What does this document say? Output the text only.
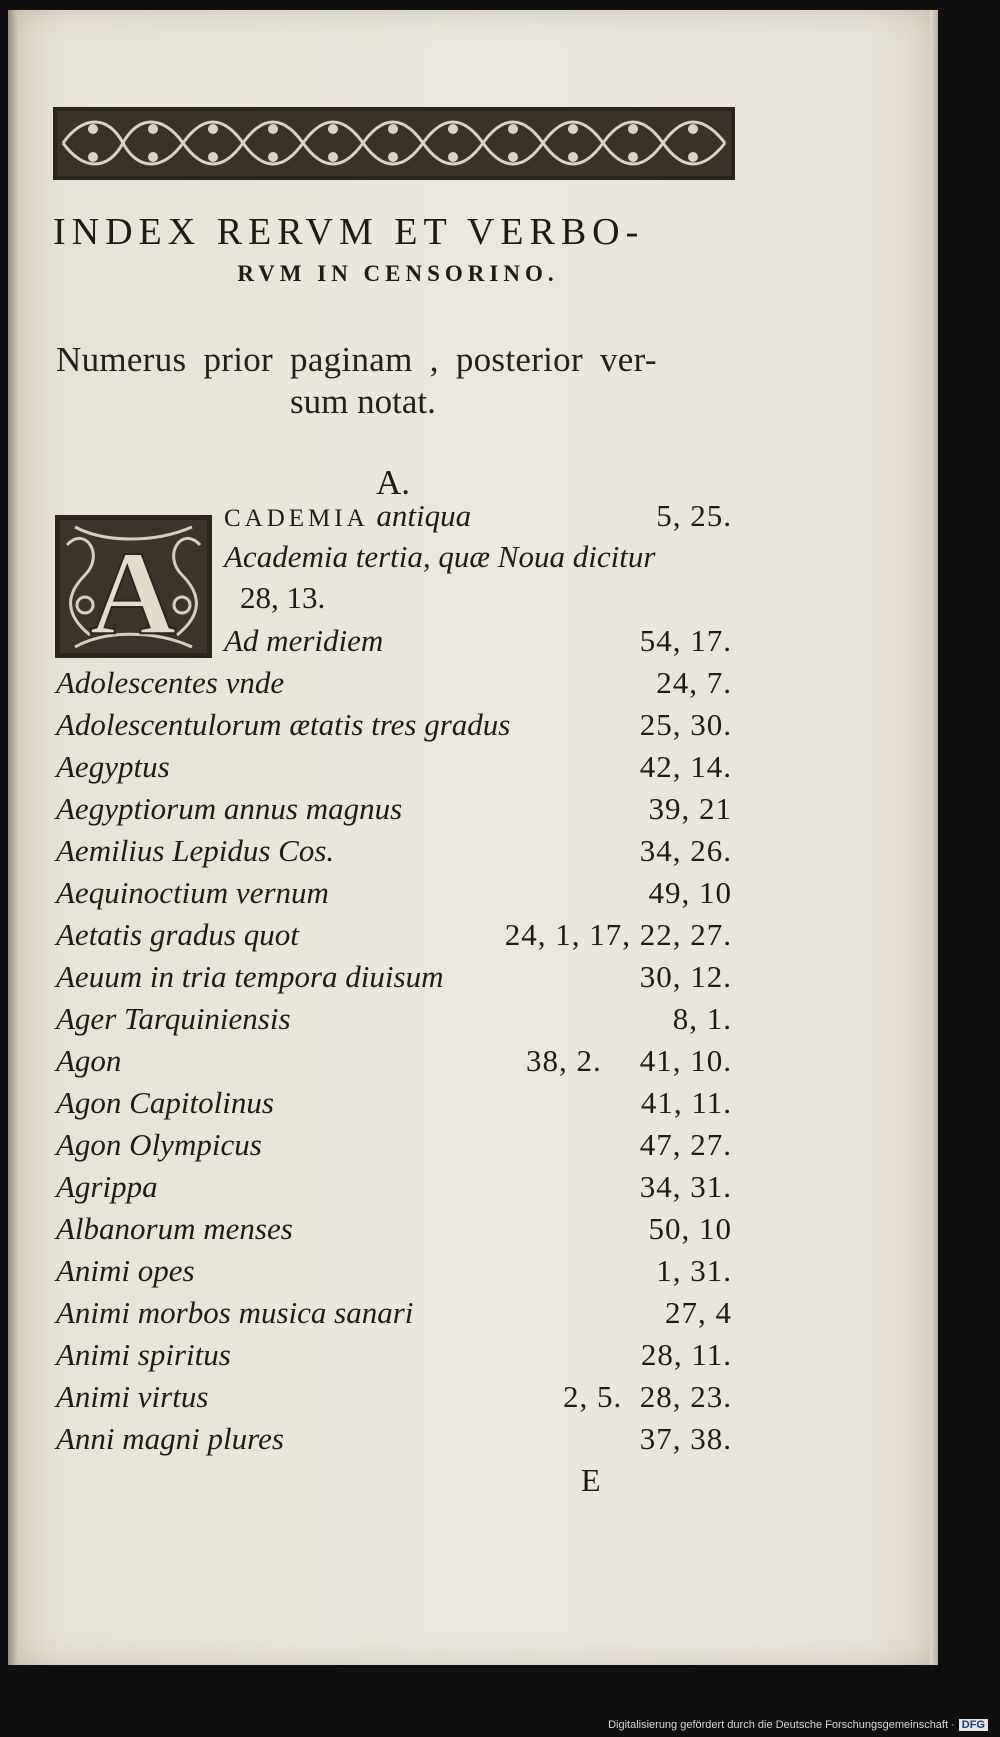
INDEX RERVM ET VERBO-
RVM IN CENSORINO.
Numerus prior paginam , posterior ver-
sum notat.
A.
A
CADEMIA antiqua	5, 25.
Academia tertia, quæ Noua dicitur
28, 13.
Ad meridiem	54, 17.
Adolescentes vnde	24, 7.
Adolescentulorum ætatis tres gradus	25, 30.
Aegyptus	42, 14.
Aegyptiorum annus magnus	39, 21
Aemilius Lepidus Cos.	34, 26.
Aequinoctium vernum	49, 10
Aetatis gradus quot	24, 1, 17, 22, 27.
Aeuum in tria tempora diuisum	30, 12.
Ager Tarquiniensis	8, 1.
Agon	38, 2. 41, 10.
Agon Capitolinus	41, 11.
Agon Olympicus	47, 27.
Agrippa	34, 31.
Albanorum menses	50, 10
Animi opes	1, 31.
Animi morbos musica sanari	27, 4
Animi spiritus	28, 11.
Animi virtus	2, 5. 28, 23.
Anni magni plures	37, 38.
E
Digitalisierung gefördert durch die Deutsche Forschungsgemeinschaft · DFG
